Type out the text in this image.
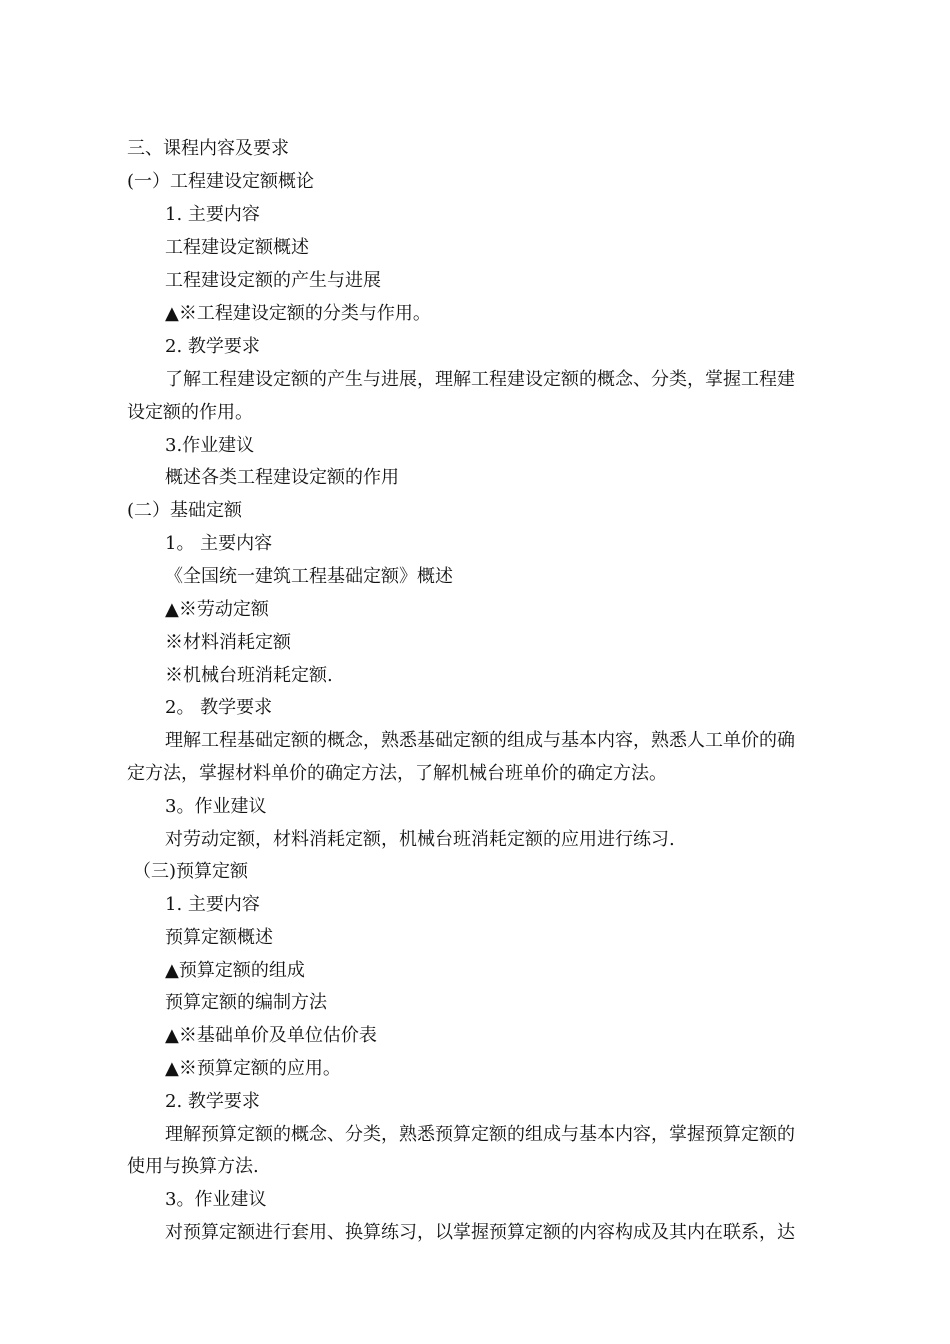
三、课程内容及要求
(一）工程建设定额概论
1. 主要内容
工程建设定额概述
工程建设定额的产生与进展
▲※工程建设定额的分类与作用。
2. 教学要求
了解工程建设定额的产生与进展，理解工程建设定额的概念、分类，掌握工程建
设定额的作用。
3.作业建议
概述各类工程建设定额的作用
(二）基础定额
1。 主要内容
《全国统一建筑工程基础定额》概述
▲※劳动定额
※材料消耗定额
※机械台班消耗定额.
2。 教学要求
理解工程基础定额的概念，熟悉基础定额的组成与基本内容，熟悉人工单价的确
定方法，掌握材料单价的确定方法，了解机械台班单价的确定方法。
3。作业建议
对劳动定额，材料消耗定额，机械台班消耗定额的应用进行练习.
（三)预算定额
1. 主要内容
预算定额概述
▲预算定额的组成
预算定额的编制方法
▲※基础单价及单位估价表
▲※预算定额的应用。
2. 教学要求
理解预算定额的概念、分类，熟悉预算定额的组成与基本内容，掌握预算定额的
使用与换算方法.
3。作业建议
对预算定额进行套用、换算练习，以掌握预算定额的内容构成及其内在联系，达
